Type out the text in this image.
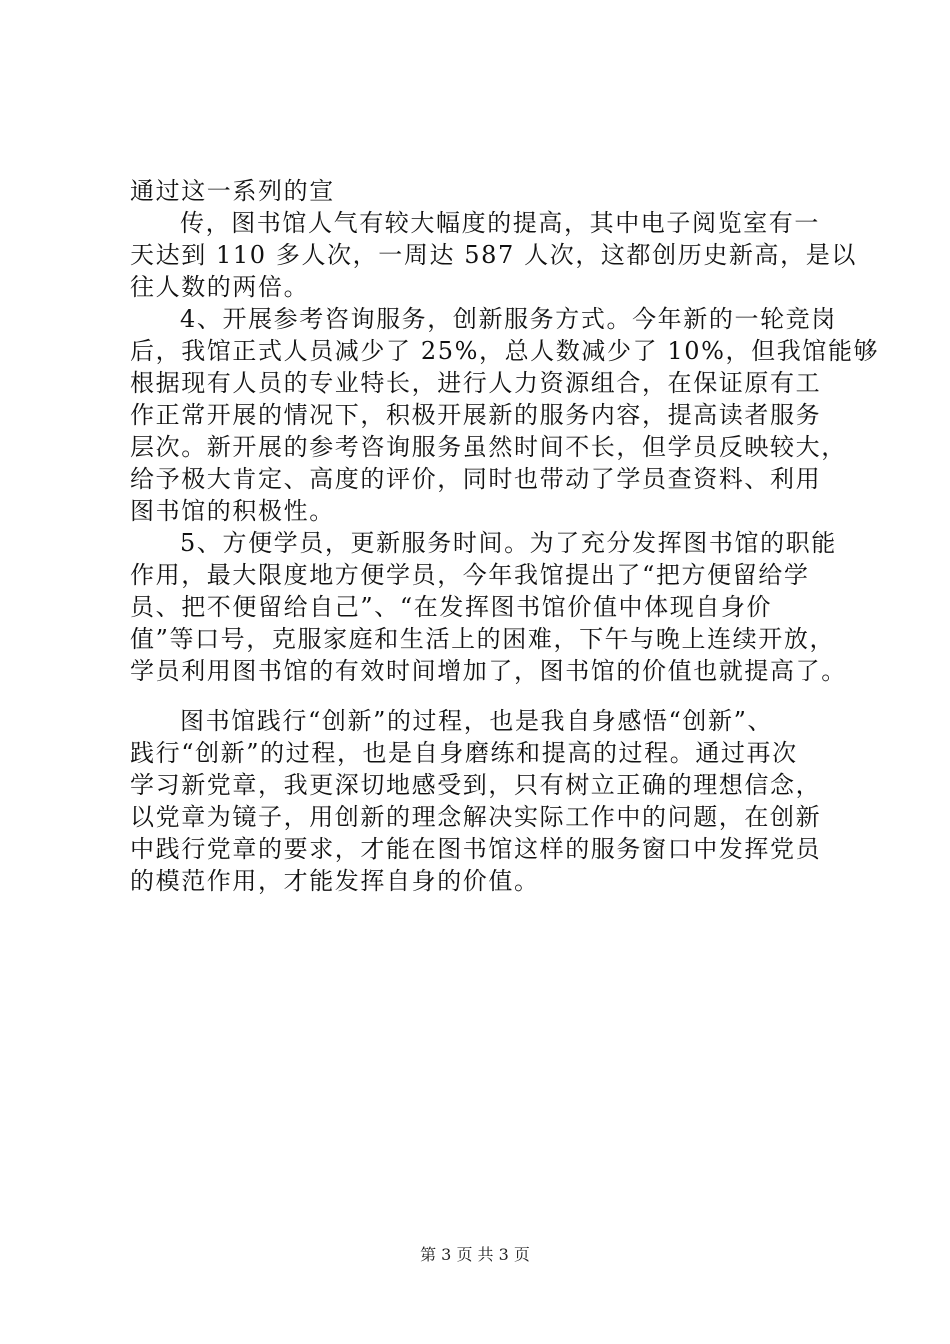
通过这一系列的宣
传，图书馆人气有较大幅度的提高，其中电子阅览室有一
天达到 110 多人次，一周达 587 人次，这都创历史新高，是以
往人数的两倍。
4、开展参考咨询服务，创新服务方式。今年新的一轮竞岗
后，我馆正式人员减少了 25%，总人数减少了 10%，但我馆能够
根据现有人员的专业特长，进行人力资源组合，在保证原有工
作正常开展的情况下，积极开展新的服务内容，提高读者服务
层次。新开展的参考咨询服务虽然时间不长，但学员反映较大，
给予极大肯定、高度的评价，同时也带动了学员查资料、利用
图书馆的积极性。
5、方便学员，更新服务时间。为了充分发挥图书馆的职能
作用，最大限度地方便学员，今年我馆提出了“把方便留给学
员、把不便留给自己”、“在发挥图书馆价值中体现自身价
值”等口号，克服家庭和生活上的困难，下午与晚上连续开放，
学员利用图书馆的有效时间增加了，图书馆的价值也就提高了。
图书馆践行“创新”的过程，也是我自身感悟“创新”、
践行“创新”的过程，也是自身磨练和提高的过程。通过再次
学习新党章，我更深切地感受到，只有树立正确的理想信念，
以党章为镜子，用创新的理念解决实际工作中的问题，在创新
中践行党章的要求，才能在图书馆这样的服务窗口中发挥党员
的模范作用，才能发挥自身的价值。
第 3 页 共 3 页
